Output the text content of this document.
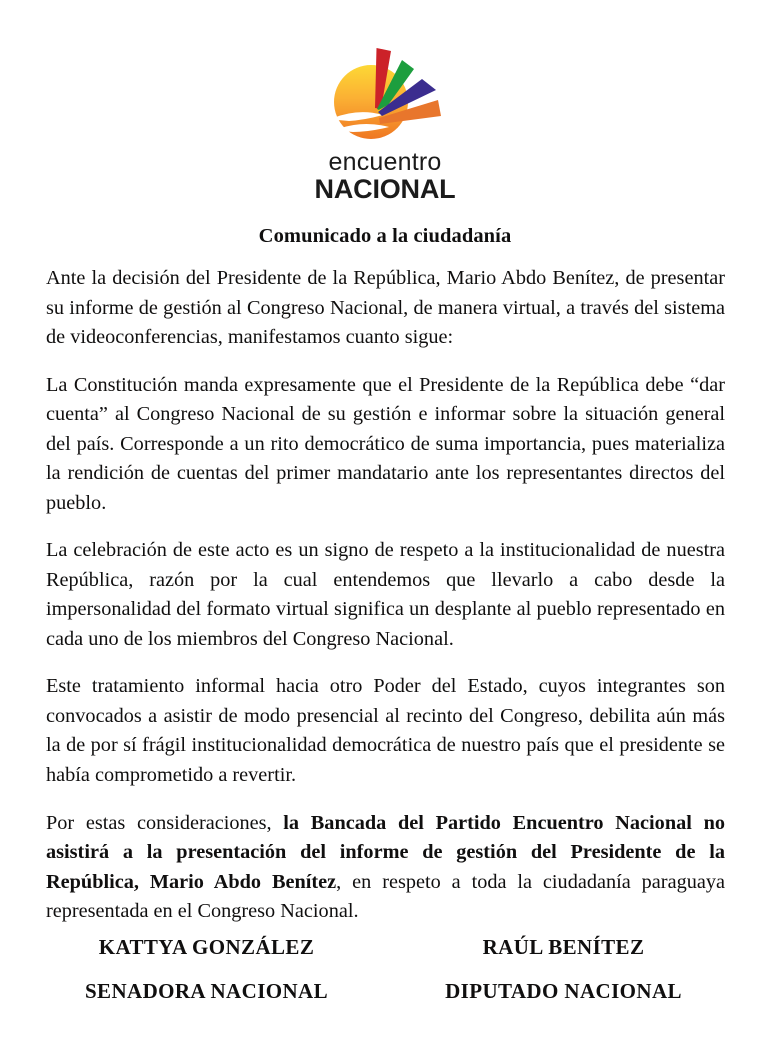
encuentro
NACIONAL
Comunicado a la ciudadanía

Ante la decisión del Presidente de la República, Mario Abdo Benítez, de presentar su informe de gestión al Congreso Nacional, de manera virtual, a través del sistema de videoconferencias, manifestamos cuanto sigue:

La Constitución manda expresamente que el Presidente de la República debe “dar cuenta” al Congreso Nacional de su gestión e informar sobre la situación general del país. Corresponde a un rito democrático de suma importancia, pues materializa la rendición de cuentas del primer mandatario ante los representantes directos del pueblo.

La celebración de este acto es un signo de respeto a la institucionalidad de nuestra República, razón por la cual entendemos que llevarlo a cabo desde la impersonalidad del formato virtual significa un desplante al pueblo representado en cada uno de los miembros del Congreso Nacional.

Este tratamiento informal hacia otro Poder del Estado, cuyos integrantes son convocados a asistir de modo presencial al recinto del Congreso, debilita aún más la de por sí frágil institucionalidad democrática de nuestro país que el presidente se había comprometido a revertir.

Por estas consideraciones, la Bancada del Partido Encuentro Nacional no asistirá a la presentación del informe de gestión del Presidente de la República, Mario Abdo Benítez, en respeto a toda la ciudadanía paraguaya representada en el Congreso Nacional.

KATTYA GONZÁLEZ
SENADORA NACIONAL
RAÚL BENÍTEZ
DIPUTADO NACIONAL
